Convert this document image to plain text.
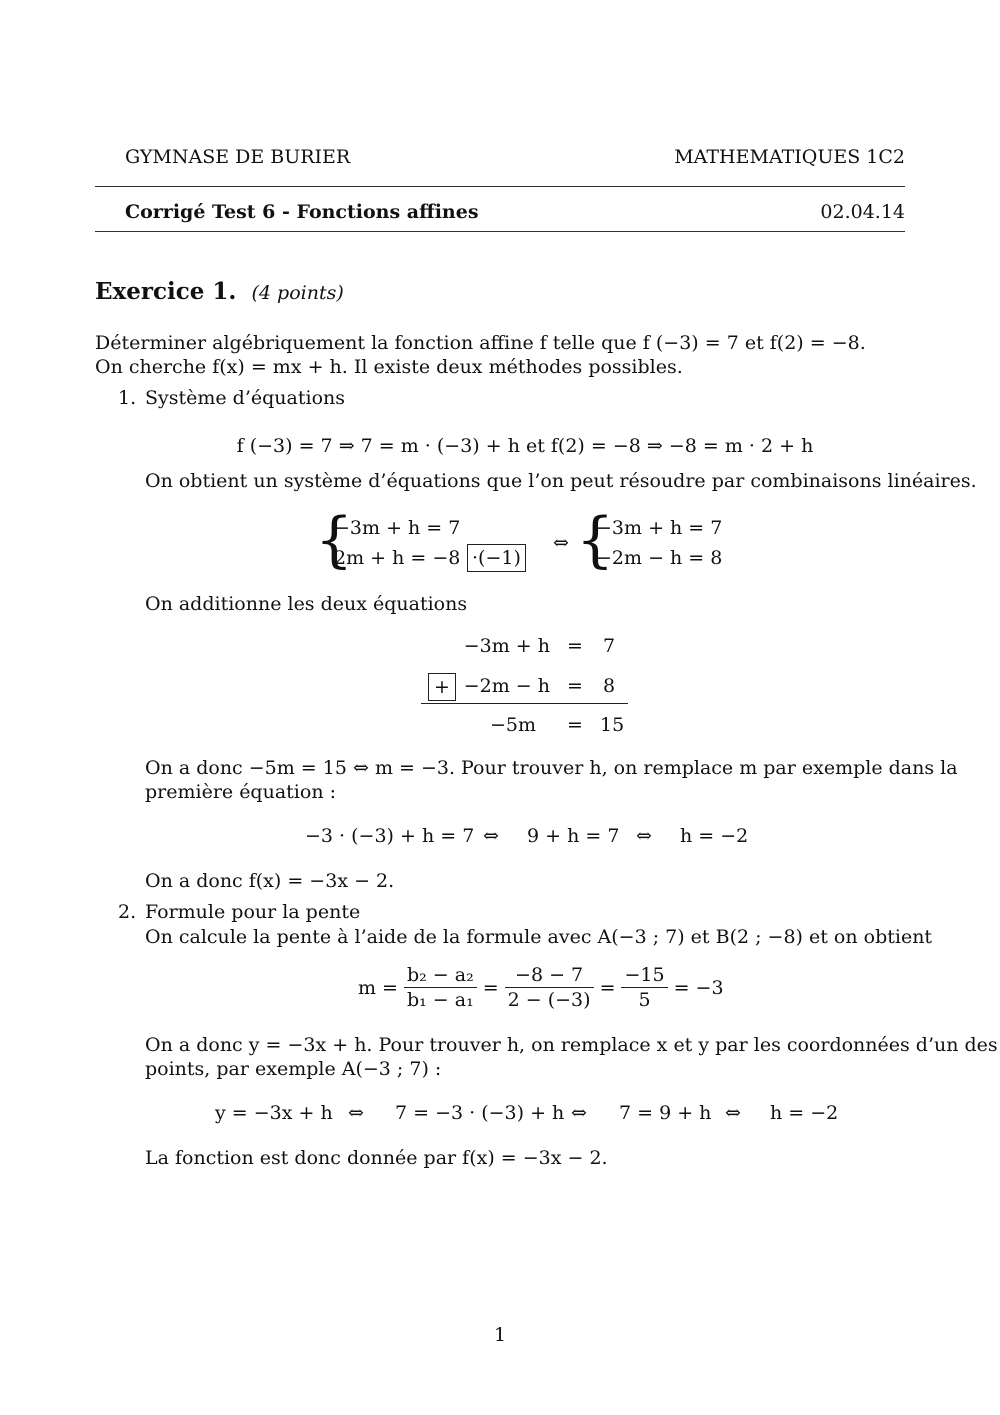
GYMNASE DE BURIER	MATHEMATIQUES 1C2
Corrigé Test 6 - Fonctions affines	02.04.14
Exercice 1. (4 points)
Déterminer algébriquement la fonction affine f telle que f (−3) = 7 et f(2) = −8.
On cherche f(x) = mx + h. Il existe deux méthodes possibles.
1. Système d’équations
f (−3) = 7 ⇒ 7 = m · (−3) + h et f(2) = −8 ⇒ −8 = m · 2 + h
On obtient un système d’équations que l’on peut résoudre par combinaisons linéaires.
{
−3m + h = 7
2m + h = −8 ·(−1)
⇔ {
−3m + h = 7
−2m − h = 8
On additionne les deux équations
−3m + h = 7
+ −2m − h = 8
−5m = 15
On a donc −5m = 15 ⇔ m = −3. Pour trouver h, on remplace m par exemple dans la
première équation :
−3 · (−3) + h = 7 ⇔ 9 + h = 7 ⇔ h = −2
On a donc f(x) = −3x − 2.
2. Formule pour la pente
On calcule la pente à l’aide de la formule avec A(−3 ; 7) et B(2 ; −8) et on obtient
$m = \frac{\text{b₂ − a₂}}{\text{b₁ − a₁}} = \frac{-8 - 7}{2 - (-3)} = \frac{-15}{5} = -3$
On a donc y = −3x + h. Pour trouver h, on remplace x et y par les coordonnées d’un des
points, par exemple A(−3 ; 7) :
y = −3x + h ⇔ 7 = −3 · (−3) + h ⇔ 7 = 9 + h ⇔ h = −2
La fonction est donc donnée par f(x) = −3x − 2.
1
